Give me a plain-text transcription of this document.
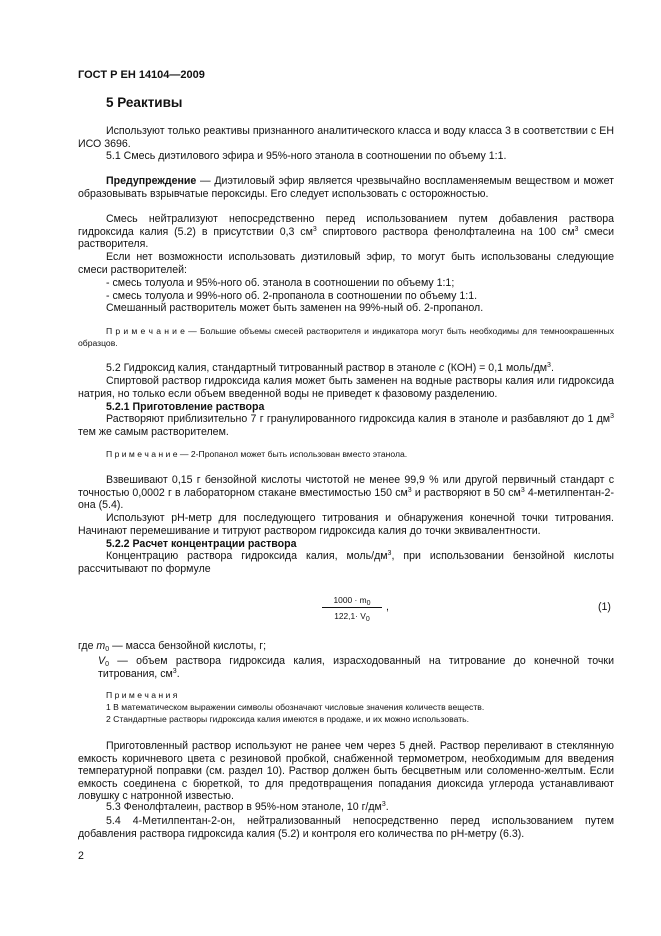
ГОСТ Р ЕН 14104—2009
5 Реактивы

Используют только реактивы признанного аналитического класса и воду класса 3 в соответствии с ЕН ИСО 3696.

5.1 Смесь диэтилового эфира и 95%-ного этанола в соотношении по объему 1:1.

Предупреждение — Диэтиловый эфир является чрезвычайно воспламеняемым веществом и может образовывать взрывчатые пероксиды. Его следует использовать с осторожностью.

Смесь нейтрализуют непосредственно перед использованием путем добавления раствора гидроксида калия (5.2) в присутствии 0,3 $см^3$ спиртового раствора фенолфталеина на 100 $см^3$ смеси растворителя.

Если нет возможности использовать диэтиловый эфир, то могут быть использованы следующие смеси растворителей:

- смесь толуола и 95%-ного об. этанола в соотношении по объему 1:1;
- смесь толуола и 99%-ного об. 2-пропанола в соотношении по объему 1:1.

Смешанный растворитель может быть заменен на 99%-ный об. 2-пропанол.

П р и м е ч а н и е — Большие объемы смесей растворителя и индикатора могут быть необходимы для темноокрашенных образцов.

5.2 Гидроксид калия, стандартный титрованный раствор в этаноле c (КОН) = 0,1 моль/$дм^3$.

Спиртовой раствор гидроксида калия может быть заменен на водные растворы калия или гидроксида натрия, но только если объем введенной воды не приведет к фазовому разделению.

5.2.1 Приготовление раствора

Растворяют приблизительно 7 г гранулированного гидроксида калия в этаноле и разбавляют до 1 $дм^3$ тем же самым растворителем.

П р и м е ч а н и е — 2-Пропанол может быть использован вместо этанола.

Взвешивают 0,15 г бензойной кислоты чистотой не менее 99,9 % или другой первичный стандарт с точностью 0,0002 г в лабораторном стакане вместимостью 150 $см^3$ и растворяют в 50 $см^3$ 4-метилпентан-2-она (5.4).

Используют pH-метр для последующего титрования и обнаружения конечной точки титрования. Начинают перемешивание и титруют раствором гидроксида калия до точки эквивалентности.

5.2.2 Расчет концентрации раствора

Концентрацию раствора гидроксида калия, моль/$дм^3$, при использовании бензойной кислоты рассчитывают по формуле

$\frac{1000 \cdot m_0}{122,1\cdot V_0}$ ,	(1)
где $m_0$ — масса бензойной кислоты, г;
$V_0$ — объем раствора гидроксида калия, израсходованный на титрование до конечной точки титрования, $см^3$.

П р и м е ч а н и я

1 В математическом выражении символы обозначают числовые значения количеств веществ.

2 Стандартные растворы гидроксида калия имеются в продаже, и их можно использовать.

Приготовленный раствор используют не ранее чем через 5 дней. Раствор переливают в стеклянную емкость коричневого цвета с резиновой пробкой, снабженной термометром, необходимым для введения температурной поправки (см. раздел 10). Раствор должен быть бесцветным или соломенно-желтым. Если емкость соединена с бюреткой, то для предотвращения попадания диоксида углерода устанавливают ловушку с натронной известью.

5.3 Фенолфталеин, раствор в 95%-ном этаноле, 10 $г/дм^3$.

5.4 4-Метилпентан-2-он, нейтрализованный непосредственно перед использованием путем добавления раствора гидроксида калия (5.2) и контроля его количества по pH-метру (6.3).

2
